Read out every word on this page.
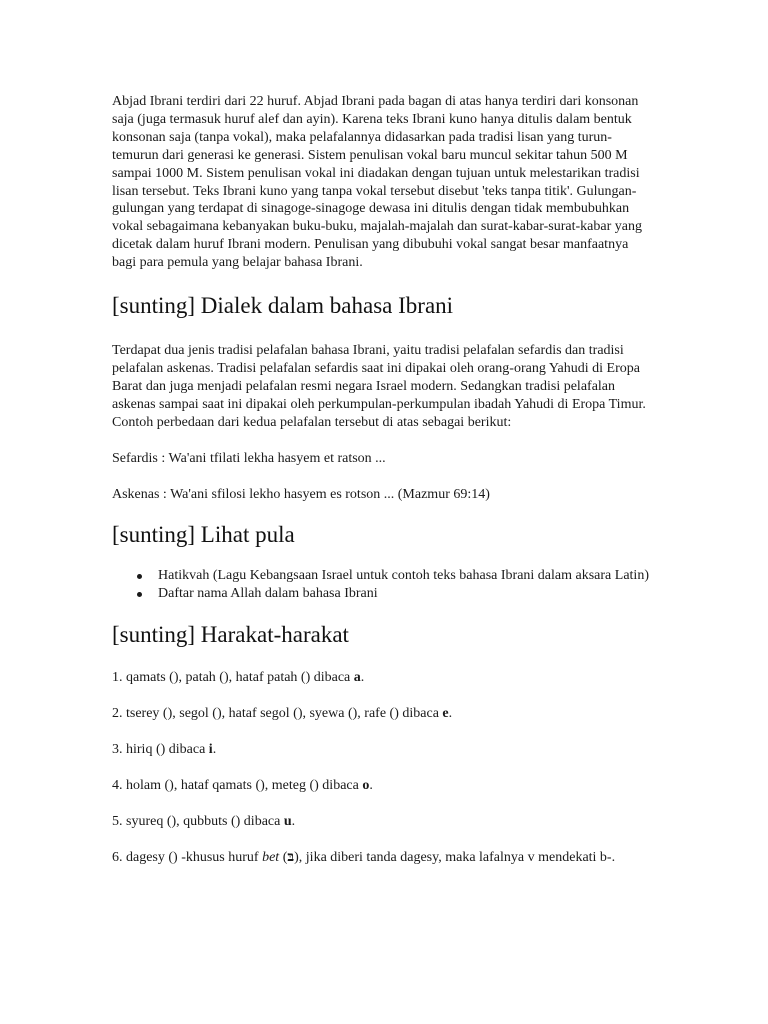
Abjad Ibrani terdiri dari 22 huruf. Abjad Ibrani pada bagan di atas hanya terdiri dari konsonan saja (juga termasuk huruf alef dan ayin). Karena teks Ibrani kuno hanya ditulis dalam bentuk konsonan saja (tanpa vokal), maka pelafalannya didasarkan pada tradisi lisan yang turun-temurun dari generasi ke generasi. Sistem penulisan vokal baru muncul sekitar tahun 500 M sampai 1000 M. Sistem penulisan vokal ini diadakan dengan tujuan untuk melestarikan tradisi lisan tersebut. Teks Ibrani kuno yang tanpa vokal tersebut disebut 'teks tanpa titik'. Gulungan-gulungan yang terdapat di sinagoge-sinagoge dewasa ini ditulis dengan tidak membubuhkan vokal sebagaimana kebanyakan buku-buku, majalah-majalah dan surat-kabar-surat-kabar yang dicetak dalam huruf Ibrani modern. Penulisan yang dibubuhi vokal sangat besar manfaatnya bagi para pemula yang belajar bahasa Ibrani.

[sunting] Dialek dalam bahasa Ibrani

Terdapat dua jenis tradisi pelafalan bahasa Ibrani, yaitu tradisi pelafalan sefardis dan tradisi pelafalan askenas. Tradisi pelafalan sefardis saat ini dipakai oleh orang-orang Yahudi di Eropa Barat dan juga menjadi pelafalan resmi negara Israel modern. Sedangkan tradisi pelafalan askenas sampai saat ini dipakai oleh perkumpulan-perkumpulan ibadah Yahudi di Eropa Timur. Contoh perbedaan dari kedua pelafalan tersebut di atas sebagai berikut:

Sefardis : Wa'ani tfilati lekha hasyem et ratson ...

Askenas : Wa'ani sfilosi lekho hasyem es rotson ... (Mazmur 69:14)

[sunting] Lihat pula
Hatikvah (Lagu Kebangsaan Israel untuk contoh teks bahasa Ibrani dalam aksara Latin)
Daftar nama Allah dalam bahasa Ibrani
[sunting] Harakat-harakat

1. qamats (), patah (), hataf patah () dibaca a.

2. tserey (), segol (), hataf segol (), syewa (), rafe () dibaca e.

3. hiriq () dibaca i.

4. holam (), hataf qamats (), meteg () dibaca o.

5. syureq (), qubbuts () dibaca u.

6. dagesy () -khusus huruf bet (בּ), jika diberi tanda dagesy, maka lafalnya v mendekati b-.
